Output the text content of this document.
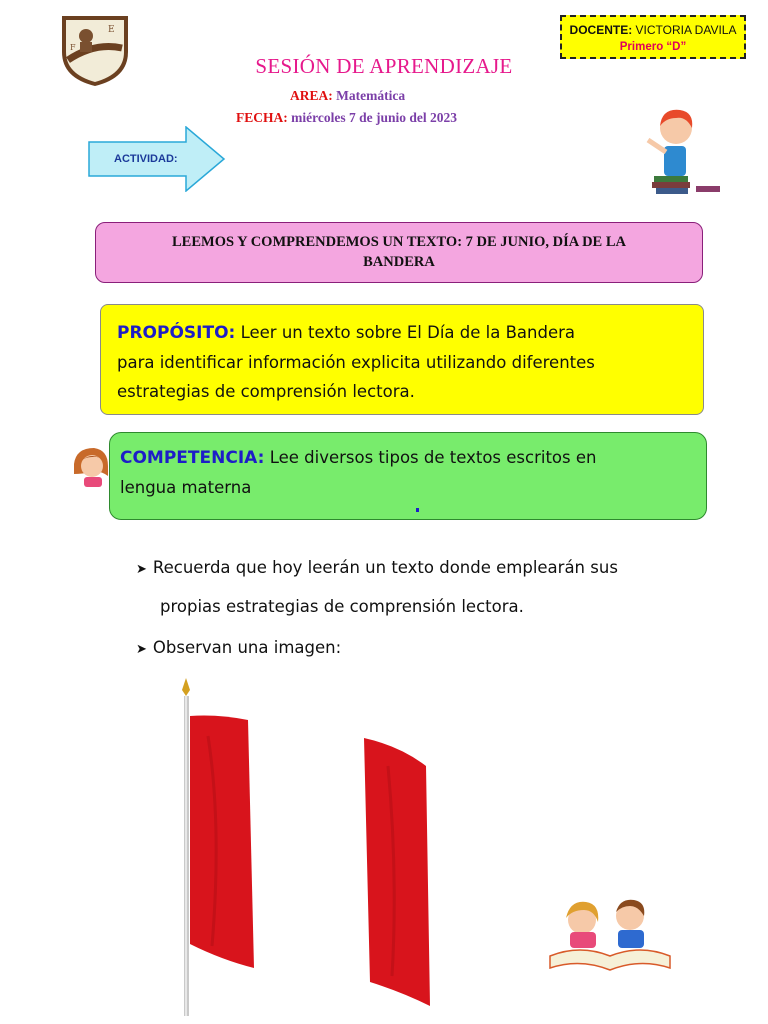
E
F
DOCENTE: VICTORIA DAVILA
Primero “D”
SESIÓN DE APRENDIZAJE
AREA: Matemática
FECHA: miércoles 7 de junio del 2023
ACTIVIDAD:
LEEMOS Y COMPRENDEMOS UN TEXTO: 7 DE JUNIO, DÍA DE LA
BANDERA
PROPÓSITO: Leer un texto sobre El Día de la Bandera
para identificar información explicita utilizando diferentes
estrategias de comprensión lectora.
COMPETENCIA: Lee diversos tipos de textos escritos en
lengua materna
➤ Recuerda que hoy leerán un texto donde emplearán sus
propias estrategias de comprensión lectora.
➤ Observan una imagen:
